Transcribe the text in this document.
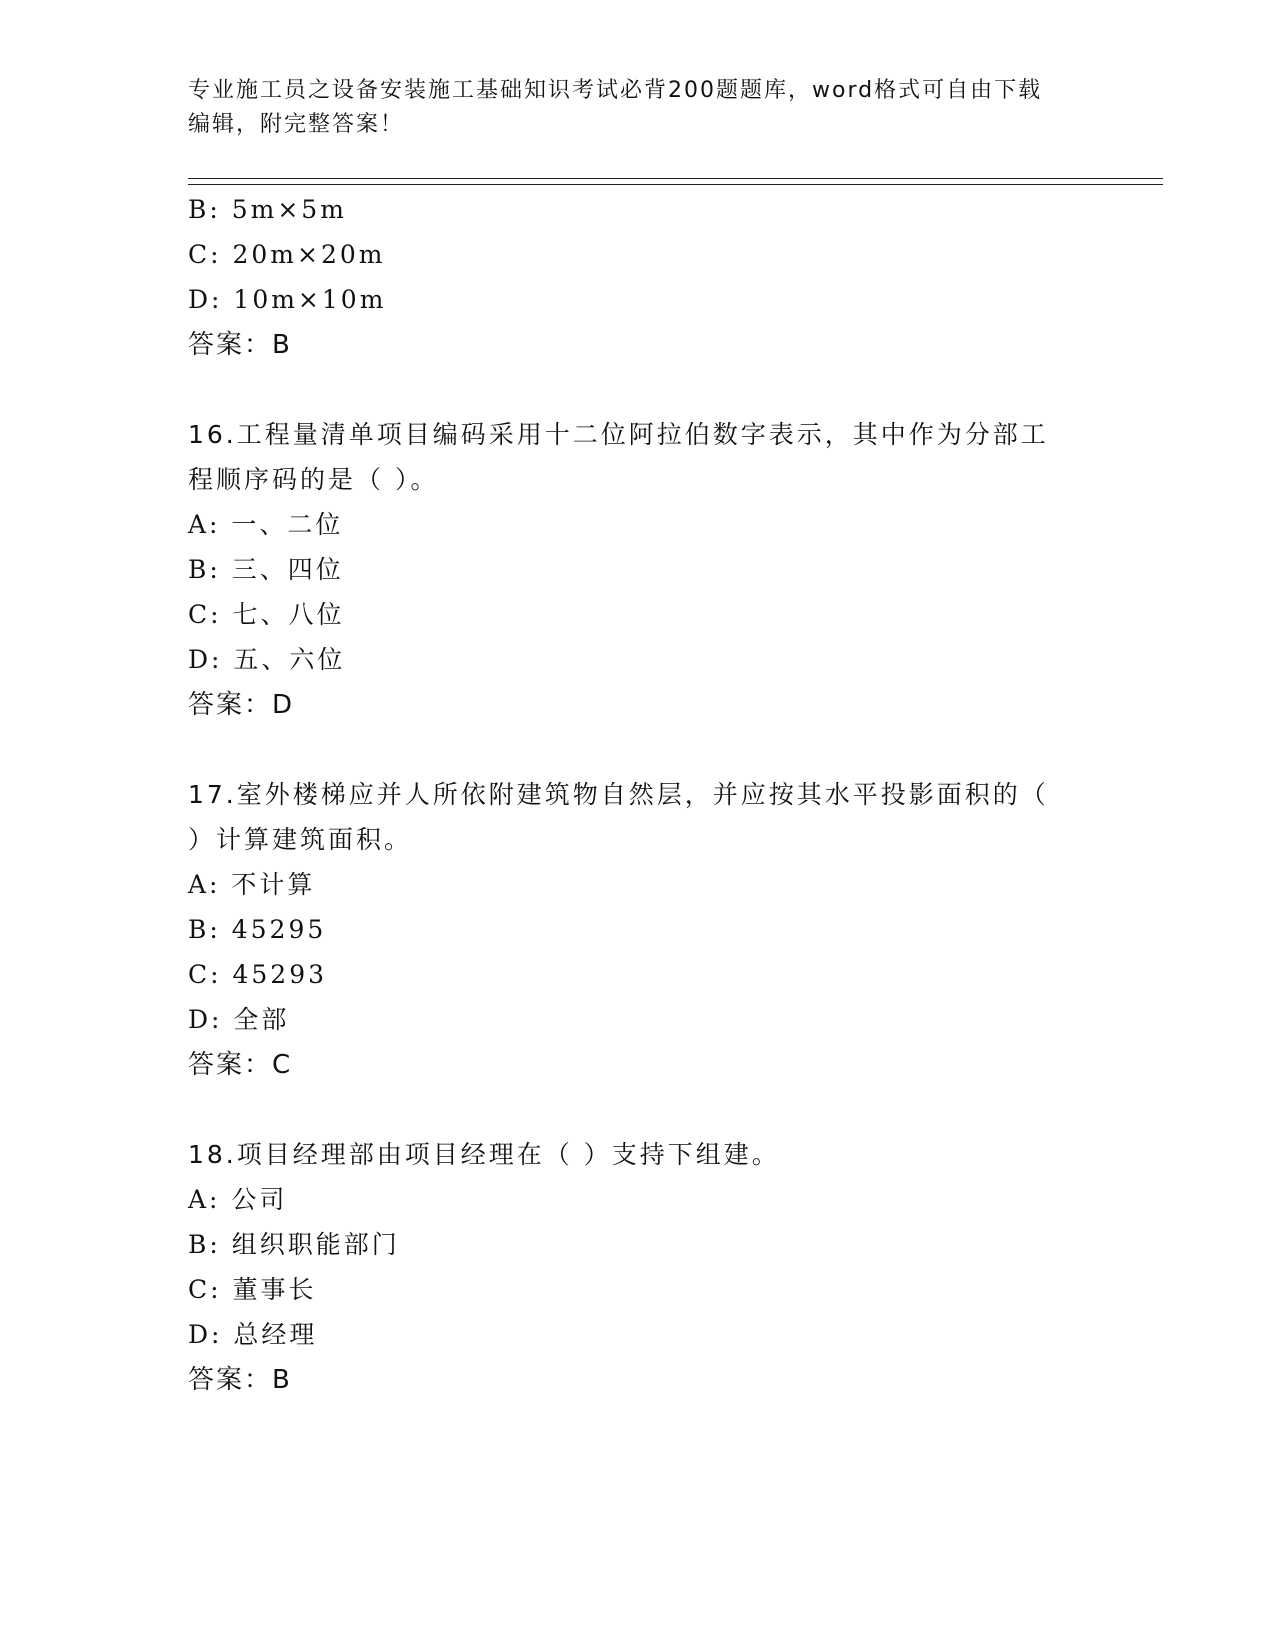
专业施工员之设备安装施工基础知识考试必背200题题库，word格式可自由下载
编辑，附完整答案！

B: 5m×5m

C: 20m×20m

D: 10m×10m

答案：B

16.工程量清单项目编码采用十二位阿拉伯数字表示，其中作为分部工

程顺序码的是（ ）。

A: 一、二位

B: 三、四位

C: 七、八位

D: 五、六位

答案：D

17.室外楼梯应并人所依附建筑物自然层，并应按其水平投影面积的（

）计算建筑面积。

A: 不计算

B: 45295

C: 45293

D: 全部

答案：C

18.项目经理部由项目经理在（ ）支持下组建。

A: 公司

B: 组织职能部门

C: 董事长

D: 总经理

答案：B
